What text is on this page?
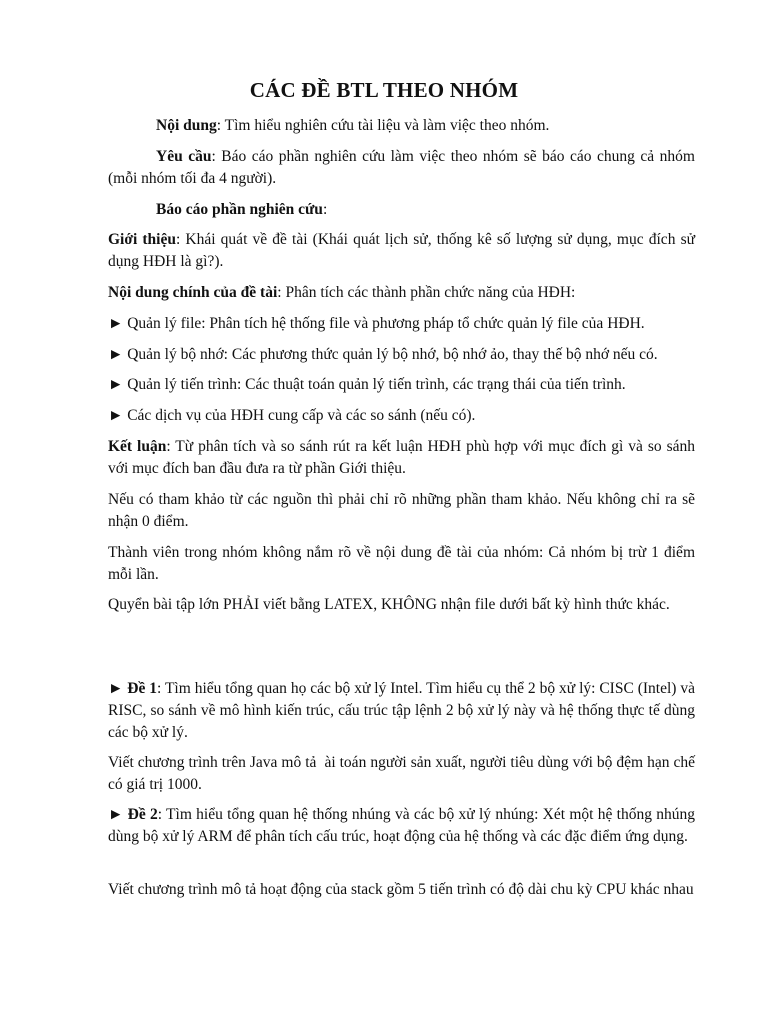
CÁC ĐỀ BTL THEO NHÓM
Nội dung: Tìm hiểu nghiên cứu tài liệu và làm việc theo nhóm.
Yêu cầu: Báo cáo phần nghiên cứu làm việc theo nhóm sẽ báo cáo chung cả nhóm (mỗi nhóm tối đa 4 người).
Báo cáo phần nghiên cứu:
Giới thiệu: Khái quát về đề tài (Khái quát lịch sử, thống kê số lượng sử dụng, mục đích sử dụng HĐH là gì?).
Nội dung chính của đề tài: Phân tích các thành phần chức năng của HĐH:
► Quản lý file: Phân tích hệ thống file và phương pháp tổ chức quản lý file của HĐH.
► Quản lý bộ nhớ: Các phương thức quản lý bộ nhớ, bộ nhớ ảo, thay thế bộ nhớ nếu có.
► Quản lý tiến trình: Các thuật toán quản lý tiến trình, các trạng thái của tiến trình.
► Các dịch vụ của HĐH cung cấp và các so sánh (nếu có).
Kết luận: Từ phân tích và so sánh rút ra kết luận HĐH phù hợp với mục đích gì và so sánh với mục đích ban đầu đưa ra từ phần Giới thiệu.
Nếu có tham khảo từ các nguồn thì phải chỉ rõ những phần tham khảo. Nếu không chỉ ra sẽ nhận 0 điểm.
Thành viên trong nhóm không nắm rõ về nội dung đề tài của nhóm: Cả nhóm bị trừ 1 điểm mỗi lần.
Quyển bài tập lớn PHẢI viết bằng LATEX, KHÔNG nhận file dưới bất kỳ hình thức khác.
► Đề 1: Tìm hiểu tổng quan họ các bộ xử lý Intel. Tìm hiểu cụ thể 2 bộ xử lý: CISC (Intel) và RISC, so sánh về mô hình kiến trúc, cấu trúc tập lệnh 2 bộ xử lý này và hệ thống thực tế dùng các bộ xử lý.
Viết chương trình trên Java mô tả ài toán người sản xuất, người tiêu dùng với bộ đệm hạn chế có giá trị 1000.
► Đề 2: Tìm hiểu tổng quan hệ thống nhúng và các bộ xử lý nhúng: Xét một hệ thống nhúng dùng bộ xử lý ARM để phân tích cấu trúc, hoạt động của hệ thống và các đặc điểm ứng dụng.
Viết chương trình mô tả hoạt động của stack gồm 5 tiến trình có độ dài chu kỳ CPU khác nhau
